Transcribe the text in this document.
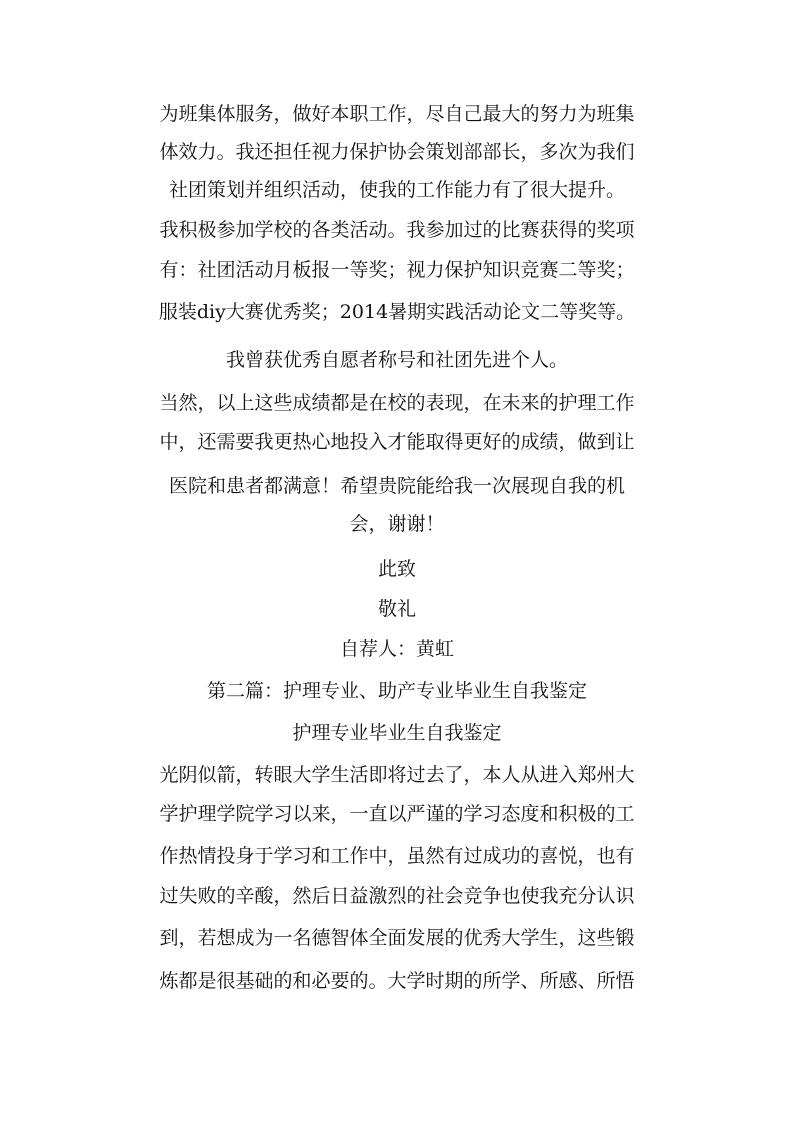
为班集体服务，做好本职工作，尽自己最大的努力为班集
体效力。我还担任视力保护协会策划部部长，多次为我们
社团策划并组织活动，使我的工作能力有了很大提升。
我积极参加学校的各类活动。我参加过的比赛获得的奖项
有：社团活动月板报一等奖；视力保护知识竞赛二等奖；
服装diy大赛优秀奖；2014暑期实践活动论文二等奖等。
我曾获优秀自愿者称号和社团先进个人。
当然，以上这些成绩都是在校的表现，在未来的护理工作
中，还需要我更热心地投入才能取得更好的成绩，做到让
医院和患者都满意！希望贵院能给我一次展现自我的机
会，谢谢！
此致
敬礼
自荐人：黄虹
第二篇：护理专业、助产专业毕业生自我鉴定
护理专业毕业生自我鉴定
光阴似箭，转眼大学生活即将过去了，本人从进入郑州大
学护理学院学习以来，一直以严谨的学习态度和积极的工
作热情投身于学习和工作中，虽然有过成功的喜悦，也有
过失败的辛酸，然后日益激烈的社会竞争也使我充分认识
到，若想成为一名德智体全面发展的优秀大学生，这些锻
炼都是很基础的和必要的。大学时期的所学、所感、所悟
